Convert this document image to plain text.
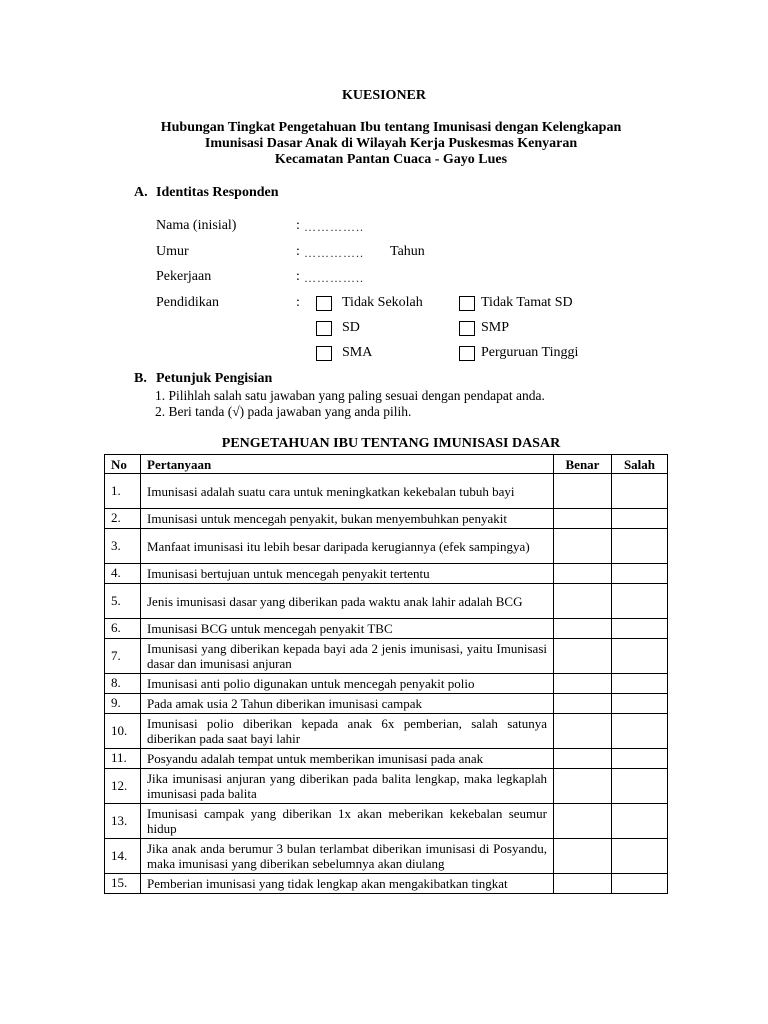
KUESIONER
Hubungan Tingkat Pengetahuan Ibu tentang Imunisasi dengan Kelengkapan
Imunisasi Dasar Anak di Wilayah Kerja Puskesmas Kenyaran
Kecamatan Pantan Cuaca - Gayo Lues
A. Identitas Responden
Nama (inisial)	: …………..
Umur	: ………….. Tahun
Pekerjaan	: …………..
Pendidikan	:	Tidak Sekolah	Tidak Tamat SD
SD	SMP
SMA	Perguruan Tinggi
B. Petunjuk Pengisian
1. Pilihlah salah satu jawaban yang paling sesuai dengan pendapat anda.
2. Beri tanda (√) pada jawaban yang anda pilih.
PENGETAHUAN IBU TENTANG IMUNISASI DASAR
No	Pertanyaan	Benar	Salah
1.	Imunisasi adalah suatu cara untuk meningkatkan kekebalan tubuh bayi		
2.	Imunisasi untuk mencegah penyakit, bukan menyembuhkan penyakit		
3.	Manfaat imunisasi itu lebih besar daripada kerugiannya (efek sampingya)		
4.	Imunisasi bertujuan untuk mencegah penyakit tertentu		
5.	Jenis imunisasi dasar yang diberikan pada waktu anak lahir adalah BCG		
6.	Imunisasi BCG untuk mencegah penyakit TBC		
7.	Imunisasi yang diberikan kepada bayi ada 2 jenis imunisasi, yaitu Imunisasi dasar dan imunisasi anjuran		
8.	Imunisasi anti polio digunakan untuk mencegah penyakit polio		
9.	Pada amak usia 2 Tahun diberikan imunisasi campak		
10.	Imunisasi polio diberikan kepada anak 6x pemberian, salah satunya diberikan pada saat bayi lahir		
11.	Posyandu adalah tempat untuk memberikan imunisasi pada anak		
12.	Jika imunisasi anjuran yang diberikan pada balita lengkap, maka legkaplah imunisasi pada balita		
13.	Imunisasi campak yang diberikan 1x akan meberikan kekebalan seumur hidup		
14.	Jika anak anda berumur 3 bulan terlambat diberikan imunisasi di Posyandu, maka imunisasi yang diberikan sebelumnya akan diulang		
15.	Pemberian imunisasi yang tidak lengkap akan mengakibatkan tingkat		
